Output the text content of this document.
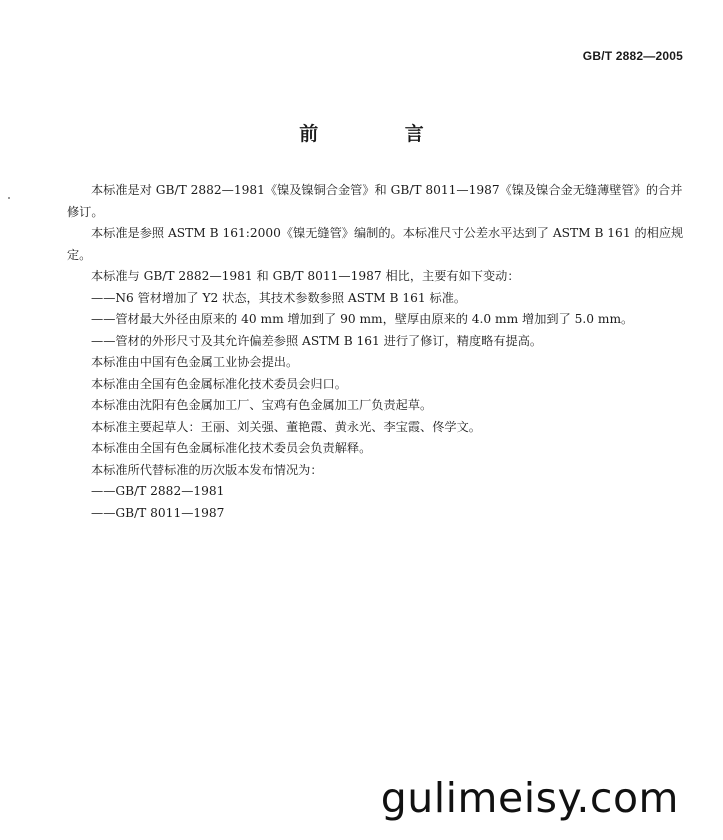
GB/T 2882—2005
前 言

本标准是对 GB/T 2882—1981《镍及镍铜合金管》和 GB/T 8011—1987《镍及镍合金无缝薄壁管》的合并修订。

本标准是参照 ASTM B 161:2000《镍无缝管》编制的。本标准尺寸公差水平达到了 ASTM B 161 的相应规定。

本标准与 GB/T 2882—1981 和 GB/T 8011—1987 相比，主要有如下变动：

——N6 管材增加了 Y2 状态，其技术参数参照 ASTM B 161 标准。

——管材最大外径由原来的 40 mm 增加到了 90 mm，壁厚由原来的 4.0 mm 增加到了 5.0 mm。

——管材的外形尺寸及其允许偏差参照 ASTM B 161 进行了修订，精度略有提高。

本标准由中国有色金属工业协会提出。

本标准由全国有色金属标准化技术委员会归口。

本标准由沈阳有色金属加工厂、宝鸡有色金属加工厂负责起草。

本标准主要起草人：王丽、刘关强、董艳霞、黄永光、李宝霞、佟学文。

本标准由全国有色金属标准化技术委员会负责解释。

本标准所代替标准的历次版本发布情况为：

——GB/T 2882—1981

——GB/T 8011—1987

gulimeisy.com
